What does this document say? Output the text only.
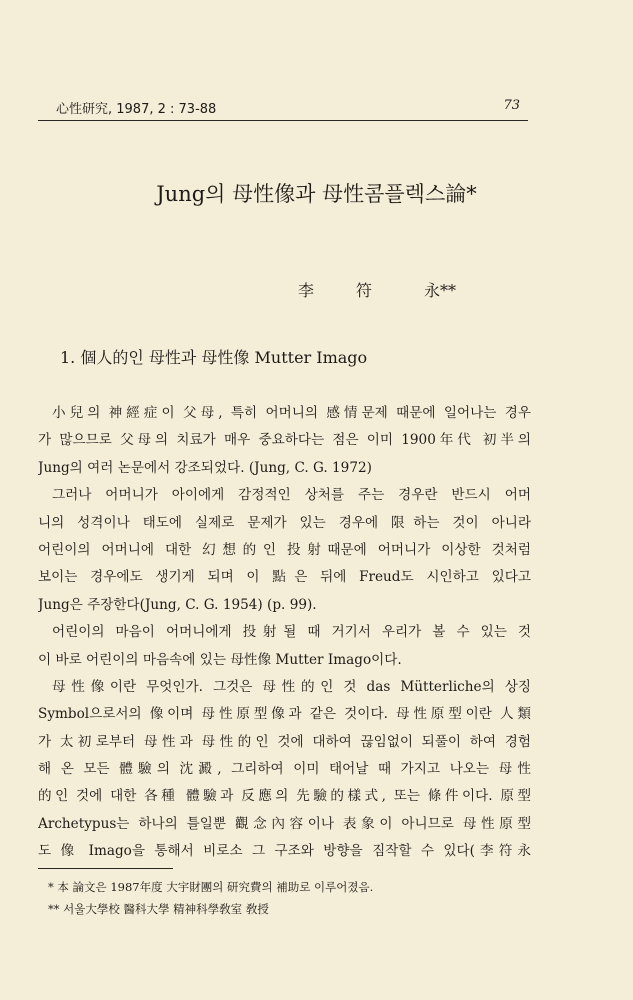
心性研究, 1987, 2 : 73-88	73
Jung의 母性像과 母性콤플렉스論*
李	符	永**
1. 個人的인 母性과 母性像 Mutter Imago
小兒의 神經症이 父母, 특히 어머니의 感情문제 때문에 일어나는 경우
가 많으므로 父母의 치료가 매우 중요하다는 점은 이미 1900年代 初半의
Jung의 여러 논문에서 강조되었다. (Jung, C. G. 1972)
그러나 어머니가 아이에게 감정적인 상처를 주는 경우란 반드시 어머
니의 성격이나 태도에 실제로 문제가 있는 경우에 限하는 것이 아니라
어린이의 어머니에 대한 幻想的인 投射때문에 어머니가 이상한 것처럼
보이는 경우에도 생기게 되며 이 點은 뒤에 Freud도 시인하고 있다고
Jung은 주장한다(Jung, C. G. 1954) (p. 99).
어린이의 마음이 어머니에게 投射될 때 거기서 우리가 볼 수 있는 것
이 바로 어린이의 마음속에 있는 母性像 Mutter Imago이다.
母性像이란 무엇인가. 그것은 母性的인 것 das Mütterliche의 상징
Symbol으로서의 像이며 母性原型像과 같은 것이다. 母性原型이란 人類
가 太初로부터 母性과 母性的인 것에 대하여 끊임없이 되풀이 하여 경험
해 온 모든 體驗의 沈澱, 그리하여 이미 태어날 때 가지고 나오는 母性
的인 것에 대한 各種 體驗과 反應의 先驗的樣式, 또는 條件이다. 原型
Archetypus는 하나의 틀일뿐 觀念內容이나 表象이 아니므로 母性原型
도 像 Imago을 통해서 비로소 그 구조와 방향을 짐작할 수 있다(李符永
* 本 論文은 1987年度 大宇財團의 研究費의 補助로 이루어졌음.
** 서울大學校 醫科大學 精神科學敎室 敎授
